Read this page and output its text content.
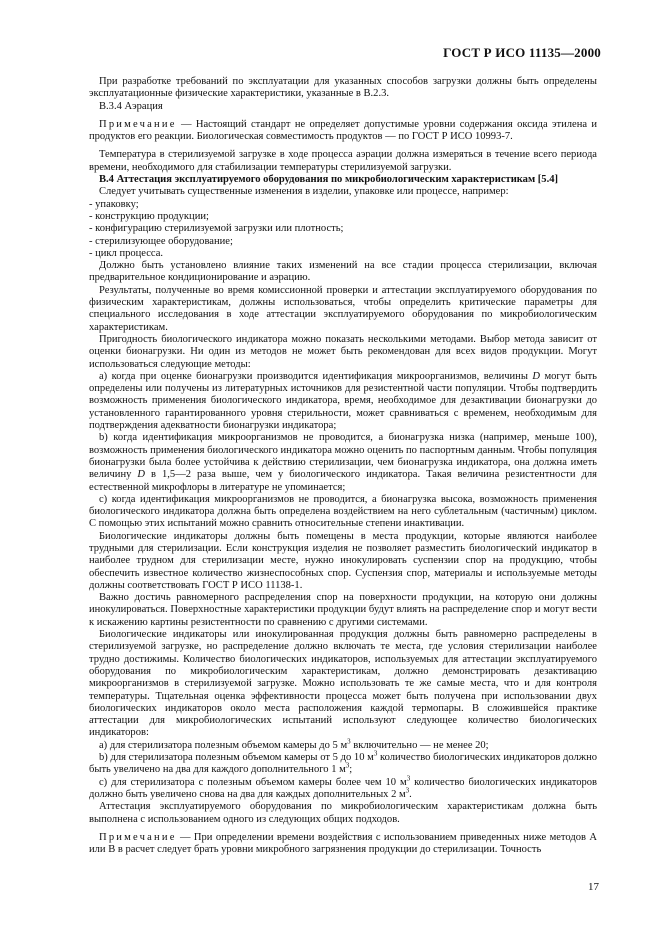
ГОСТ Р ИСО 11135—2000

При разработке требований по эксплуатации для указанных способов загрузки должны быть определены эксплуатационные физические характеристики, указанные в В.2.3.

В.3.4 Аэрация

Примечание — Настоящий стандарт не определяет допустимые уровни содержания оксида этилена и продуктов его реакции. Биологическая совместимость продуктов — по ГОСТ Р ИСО 10993-7.

Температура в стерилизуемой загрузке в ходе процесса аэрации должна измеряться в течение всего периода времени, необходимого для стабилизации температуры стерилизуемой загрузки.

В.4 Аттестация эксплуатируемого оборудования по микробиологическим характеристикам [5.4]

Следует учитывать существенные изменения в изделии, упаковке или процессе, например:

- упаковку;

- конструкцию продукции;

- конфигурацию стерилизуемой загрузки или плотность;

- стерилизующее оборудование;

- цикл процесса.

Должно быть установлено влияние таких изменений на все стадии процесса стерилизации, включая предварительное кондиционирование и аэрацию.

Результаты, полученные во время комиссионной проверки и аттестации эксплуатируемого оборудования по физическим характеристикам, должны использоваться, чтобы определить критические параметры для специального исследования в ходе аттестации эксплуатируемого оборудования по микробиологическим характеристикам.

Пригодность биологического индикатора можно показать несколькими методами. Выбор метода зависит от оценки бионагрузки. Ни один из методов не может быть рекомендован для всех видов продукции. Могут использоваться следующие методы:

а) когда при оценке бионагрузки производится идентификация микроорганизмов, величины D могут быть определены или получены из литературных источников для резистентной части популяции. Чтобы подтвердить возможность применения биологического индикатора, время, необходимое для дезактивации бионагрузки до установленного гарантированного уровня стерильности, может сравниваться с временем, необходимым для подтверждения адекватности бионагрузки индикатора;

b) когда идентификация микроорганизмов не проводится, а бионагрузка низка (например, меньше 100), возможность применения биологического индикатора можно оценить по паспортным данным. Чтобы популяция бионагрузки была более устойчива к действию стерилизации, чем бионагрузка индикатора, она должна иметь величину D в 1,5—2 раза выше, чем у биологического индикатора. Такая величина резистентности для естественной микрофлоры в литературе не упоминается;

с) когда идентификация микроорганизмов не проводится, а бионагрузка высока, возможность применения биологического индикатора должна быть определена воздействием на него сублетальным (частичным) циклом. С помощью этих испытаний можно сравнить относительные степени инактивации.

Биологические индикаторы должны быть помещены в места продукции, которые являются наиболее трудными для стерилизации. Если конструкция изделия не позволяет разместить биологический индикатор в наиболее трудном для стерилизации месте, нужно инокулировать суспензии спор на продукцию, чтобы обеспечить известное количество жизнеспособных спор. Суспензия спор, материалы и используемые методы должны соответствовать ГОСТ Р ИСО 11138-1.

Важно достичь равномерного распределения спор на поверхности продукции, на которую они должны инокулироваться. Поверхностные характеристики продукции будут влиять на распределение спор и могут вести к искажению картины резистентности по сравнению с другими системами.

Биологические индикаторы или инокулированная продукция должны быть равномерно распределены в стерилизуемой загрузке, но распределение должно включать те места, где условия стерилизации наиболее трудно достижимы. Количество биологических индикаторов, используемых для аттестации эксплуатируемого оборудования по микробиологическим характеристикам, должно демонстрировать дезактивацию микроорганизмов в стерилизуемой загрузке. Можно использовать те же самые места, что и для контроля температуры. Тщательная оценка эффективности процесса может быть получена при использовании двух биологических индикаторов около места расположения каждой термопары. В сложившейся практике аттестации для микробиологических испытаний используют следующее количество биологических индикаторов:

а) для стерилизатора полезным объемом камеры до 5 $м^3$ включительно — не менее 20;

b) для стерилизатора полезным объемом камеры от 5 до 10 $м^3$ количество биологических индикаторов должно быть увеличено на два для каждого дополнительного 1 $м^3$;

с) для стерилизатора с полезным объемом камеры более чем 10 $м^3$ количество биологических индикаторов должно быть увеличено снова на два для каждых дополнительных 2 $м^3$.

Аттестация эксплуатируемого оборудования по микробиологическим характеристикам должна быть выполнена с использованием одного из следующих общих подходов.

Примечание — При определении времени воздействия с использованием приведенных ниже методов А или В в расчет следует брать уровни микробного загрязнения продукции до стерилизации. Точность

17
